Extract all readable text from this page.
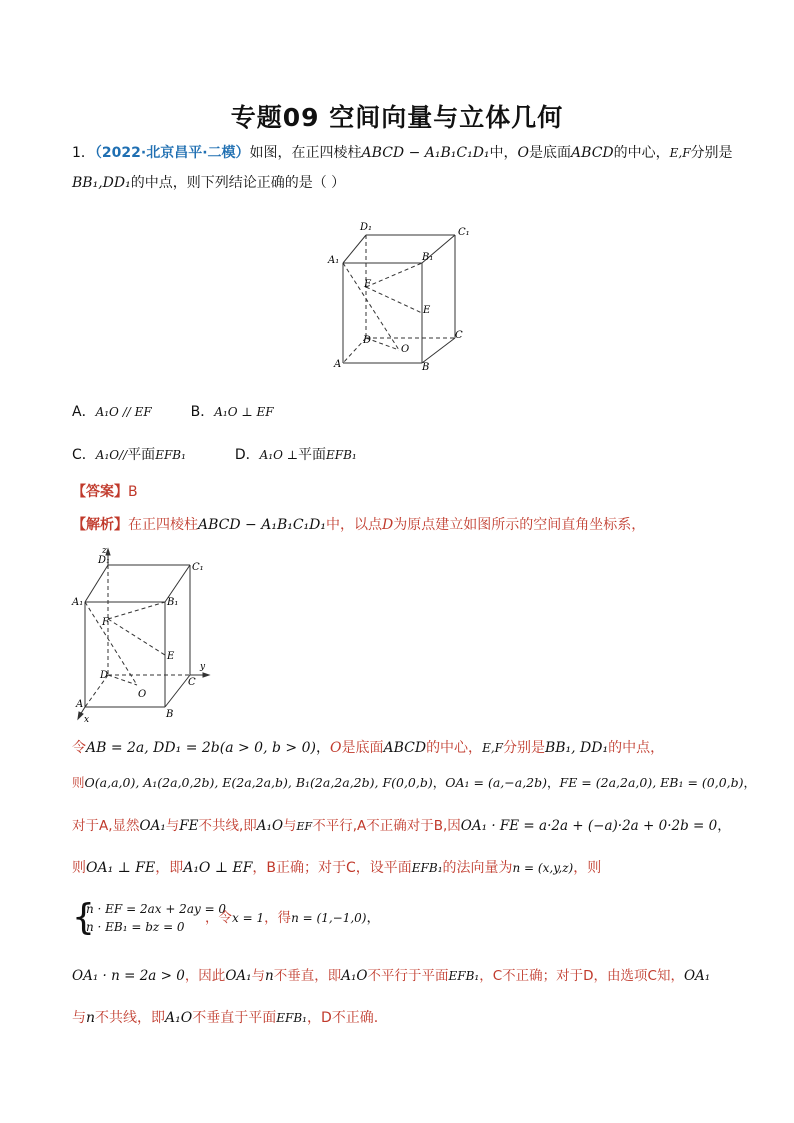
专题09 空间向量与立体几何
1．（2022·北京昌平·二模）如图，在正四棱柱ABCD − A₁B₁C₁D₁中，O是底面ABCD的中心，E,F分别是
BB₁,DD₁的中点，则下列结论正确的是（ ）
D₁	C₁
A₁	B₁
F
E
C
D
O
A	B
A．A₁O // EF	B．A₁O ⊥ EF
C．A₁O//平面EFB₁	D．A₁O ⊥平面EFB₁
【答案】B
【解析】在正四棱柱ABCD − A₁B₁C₁D₁中，以点D为原点建立如图所示的空间直角坐标系，
z
D₁
C₁
A₁	B₁
F
E
y
D
O
C
A
B
x
令AB = 2a, DD₁ = 2b(a > 0, b > 0)，O是底面ABCD的中心，E,F分别是BB₁, DD₁的中点，
则O(a,a,0), A₁(2a,0,2b), E(2a,2a,b), B₁(2a,2a,2b), F(0,0,b)，OA₁ = (a,−a,2b)，FE = (2a,2a,0), EB₁ = (0,0,b)，
对于A,显然OA₁与FE不共线,即A₁O与EF不平行,A不正确对于B,因OA₁ · FE = a·2a + (−a)·2a + 0·2b = 0，
则OA₁ ⊥ FE，即A₁O ⊥ EF，B正确；对于C，设平面EFB₁的法向量为n = (x,y,z)，则
{
n · EF = 2ax + 2ay = 0
n · EB₁ = bz = 0
，令x = 1，得n = (1,−1,0)，
OA₁ · n = 2a > 0，因此OA₁与n不垂直，即A₁O不平行于平面EFB₁，C不正确；对于D，由选项C知，OA₁
与n不共线，即A₁O不垂直于平面EFB₁，D不正确.
